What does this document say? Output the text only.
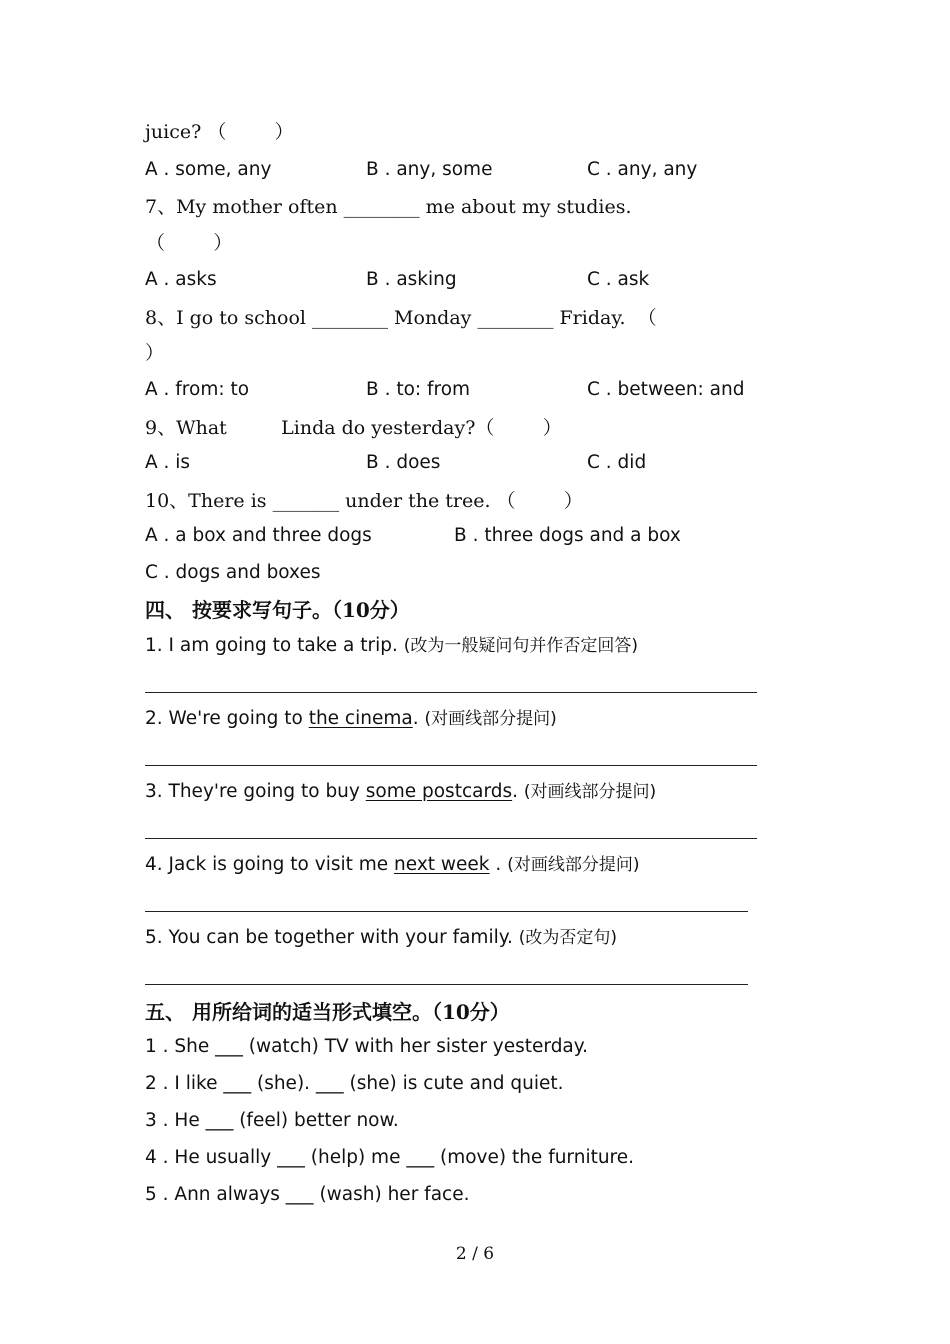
juice? （        ）
A . some, any	B . any, some	C . any, any
7、My mother often ________ me about my studies.
（        ）
A . asks	B . asking	C . ask
8、I go to school ________ Monday ________ Friday.  （
）
A . from: to	B . to: from	C . between: and
9、What         Linda do yesterday?（        ）
A . is	B . does	C . did
10、There is _______ under the tree. （        ）
A . a box and three dogs	B . three dogs and a box
C . dogs and boxes
四、 按要求写句子。（10分）
1. I am going to take a trip. (改为一般疑问句并作否定回答)
2. We're going to the cinema. (对画线部分提问)
3. They're going to buy some postcards. (对画线部分提问)
4. Jack is going to visit me next week . (对画线部分提问)
5. You can be together with your family. (改为否定句)
五、 用所给词的适当形式填空。（10分）
1 . She ___ (watch) TV with her sister yesterday.
2 . I like ___ (she). ___ (she) is cute and quiet.
3 . He ___ (feel) better now.
4 . He usually ___ (help) me ___ (move) the furniture.
5 . Ann always ___ (wash) her face.
2 / 6
